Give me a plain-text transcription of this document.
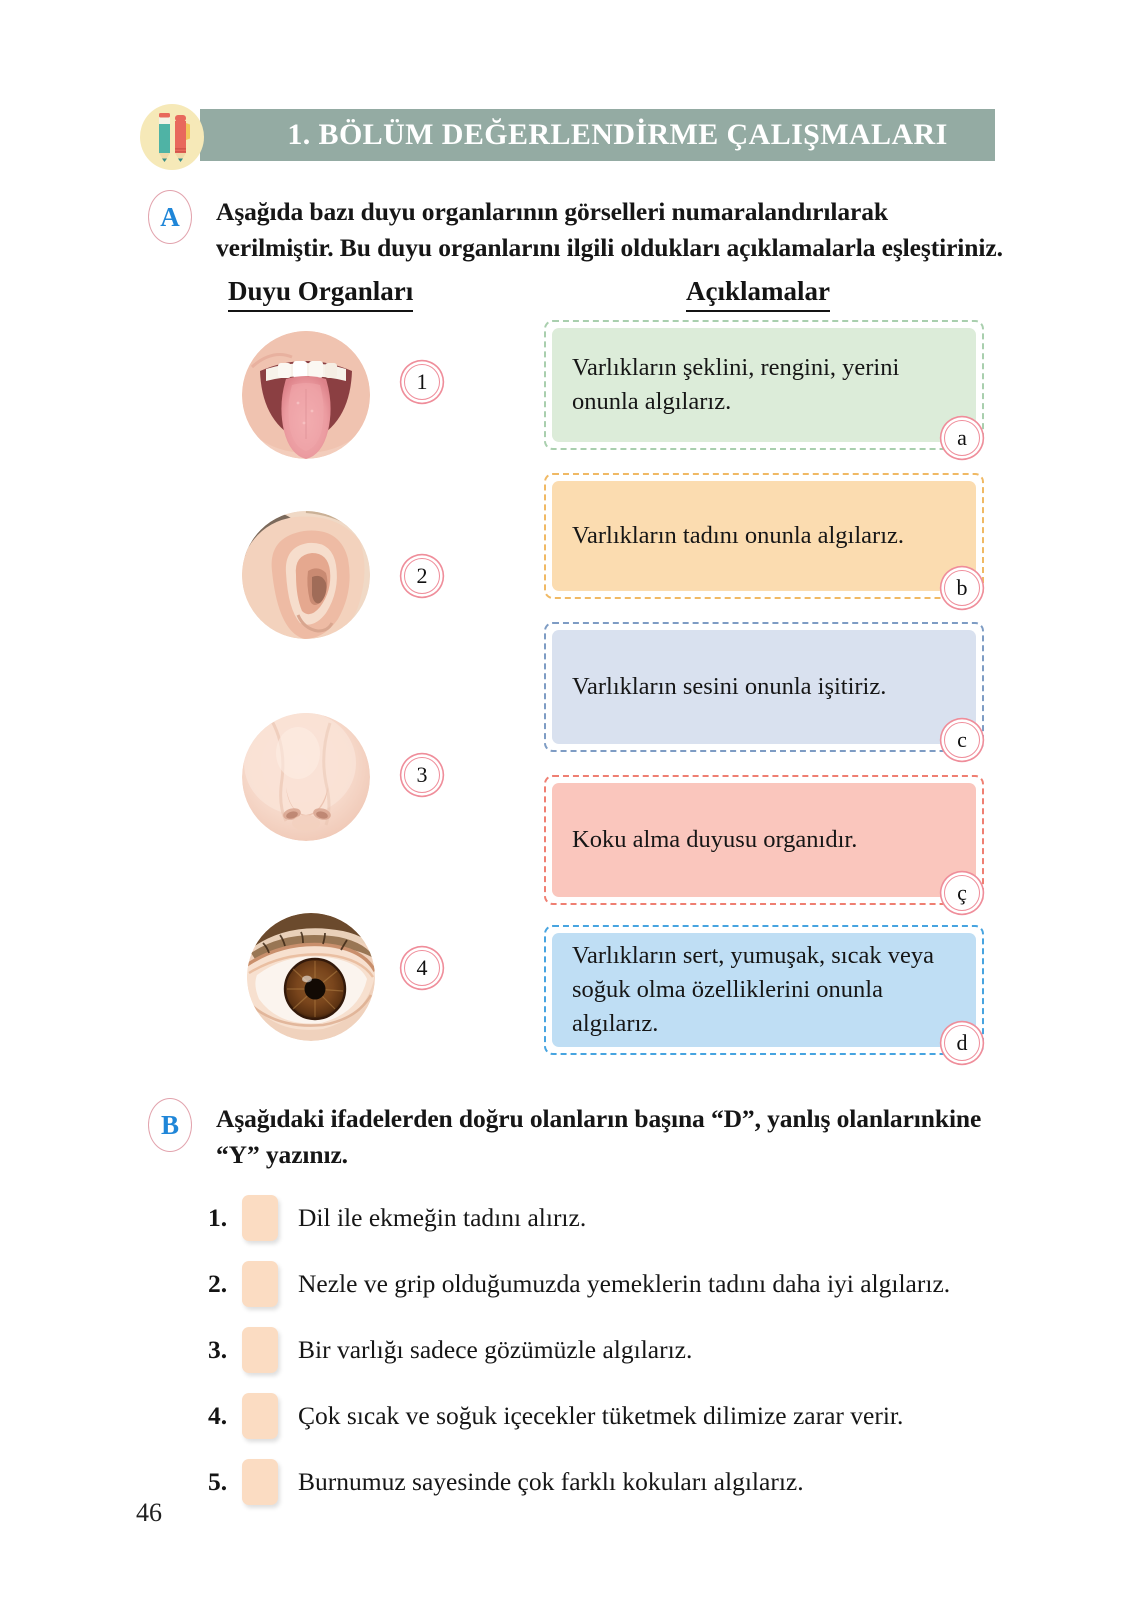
1. BÖLÜM DEĞERLENDİRME ÇALIŞMALARI
A	Aşağıda bazı duyu organlarının görselleri numaralandırılarak verilmiştir. Bu duyu organlarını ilgili oldukları açıklamalarla eşleştiriniz.
Duyu Organları	Açıklamalar
1
2
3
4
Varlıkların şeklini, rengini, yerini onunla algılarız.
a
Varlıkların tadını onunla algılarız.
b
Varlıkların sesini onunla işitiriz.
c
Koku alma duyusu organıdır.
ç
Varlıkların sert, yumuşak, sıcak veya soğuk olma özelliklerini onunla algılarız.
d
B	Aşağıdaki ifadelerden doğru olanların başına “D”, yanlış olanlarınkine “Y” yazınız.
1.	Dil ile ekmeğin tadını alırız.
2.	Nezle ve grip olduğumuzda yemeklerin tadını daha iyi algılarız.
3.	Bir varlığı sadece gözümüzle algılarız.
4.	Çok sıcak ve soğuk içecekler tüketmek dilimize zarar verir.
5.	Burnumuz sayesinde çok farklı kokuları algılarız.
46
